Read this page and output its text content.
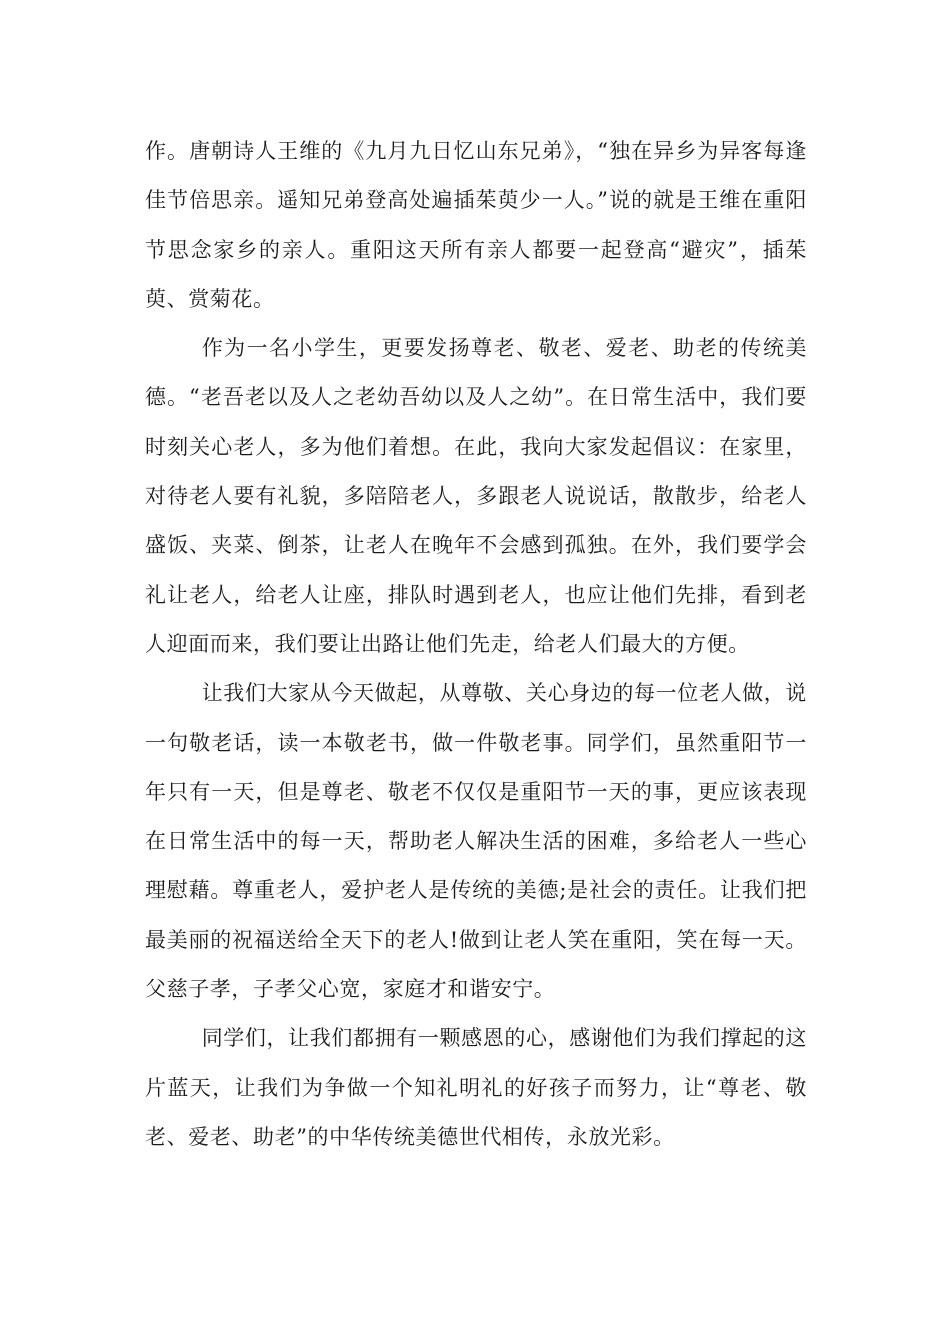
作。唐朝诗人王维的《九月九日忆山东兄弟》，“独在异乡为异客每逢佳节倍思亲。遥知兄弟登高处遍插茱萸少一人。”说的就是王维在重阳节思念家乡的亲人。重阳这天所有亲人都要一起登高“避灾”，插茱萸、赏菊花。

作为一名小学生，更要发扬尊老、敬老、爱老、助老的传统美德。“老吾老以及人之老幼吾幼以及人之幼”。在日常生活中，我们要时刻关心老人，多为他们着想。在此，我向大家发起倡议：在家里，对待老人要有礼貌，多陪陪老人，多跟老人说说话，散散步，给老人盛饭、夹菜、倒茶，让老人在晚年不会感到孤独。在外，我们要学会礼让老人，给老人让座，排队时遇到老人，也应让他们先排，看到老人迎面而来，我们要让出路让他们先走，给老人们最大的方便。

让我们大家从今天做起，从尊敬、关心身边的每一位老人做，说一句敬老话，读一本敬老书，做一件敬老事。同学们，虽然重阳节一年只有一天，但是尊老、敬老不仅仅是重阳节一天的事，更应该表现在日常生活中的每一天，帮助老人解决生活的困难，多给老人一些心理慰藉。尊重老人，爱护老人是传统的美德;是社会的责任。让我们把最美丽的祝福送给全天下的老人!做到让老人笑在重阳，笑在每一天。父慈子孝，子孝父心宽，家庭才和谐安宁。

同学们，让我们都拥有一颗感恩的心，感谢他们为我们撑起的这片蓝天，让我们为争做一个知礼明礼的好孩子而努力，让“尊老、敬老、爱老、助老”的中华传统美德世代相传，永放光彩。
